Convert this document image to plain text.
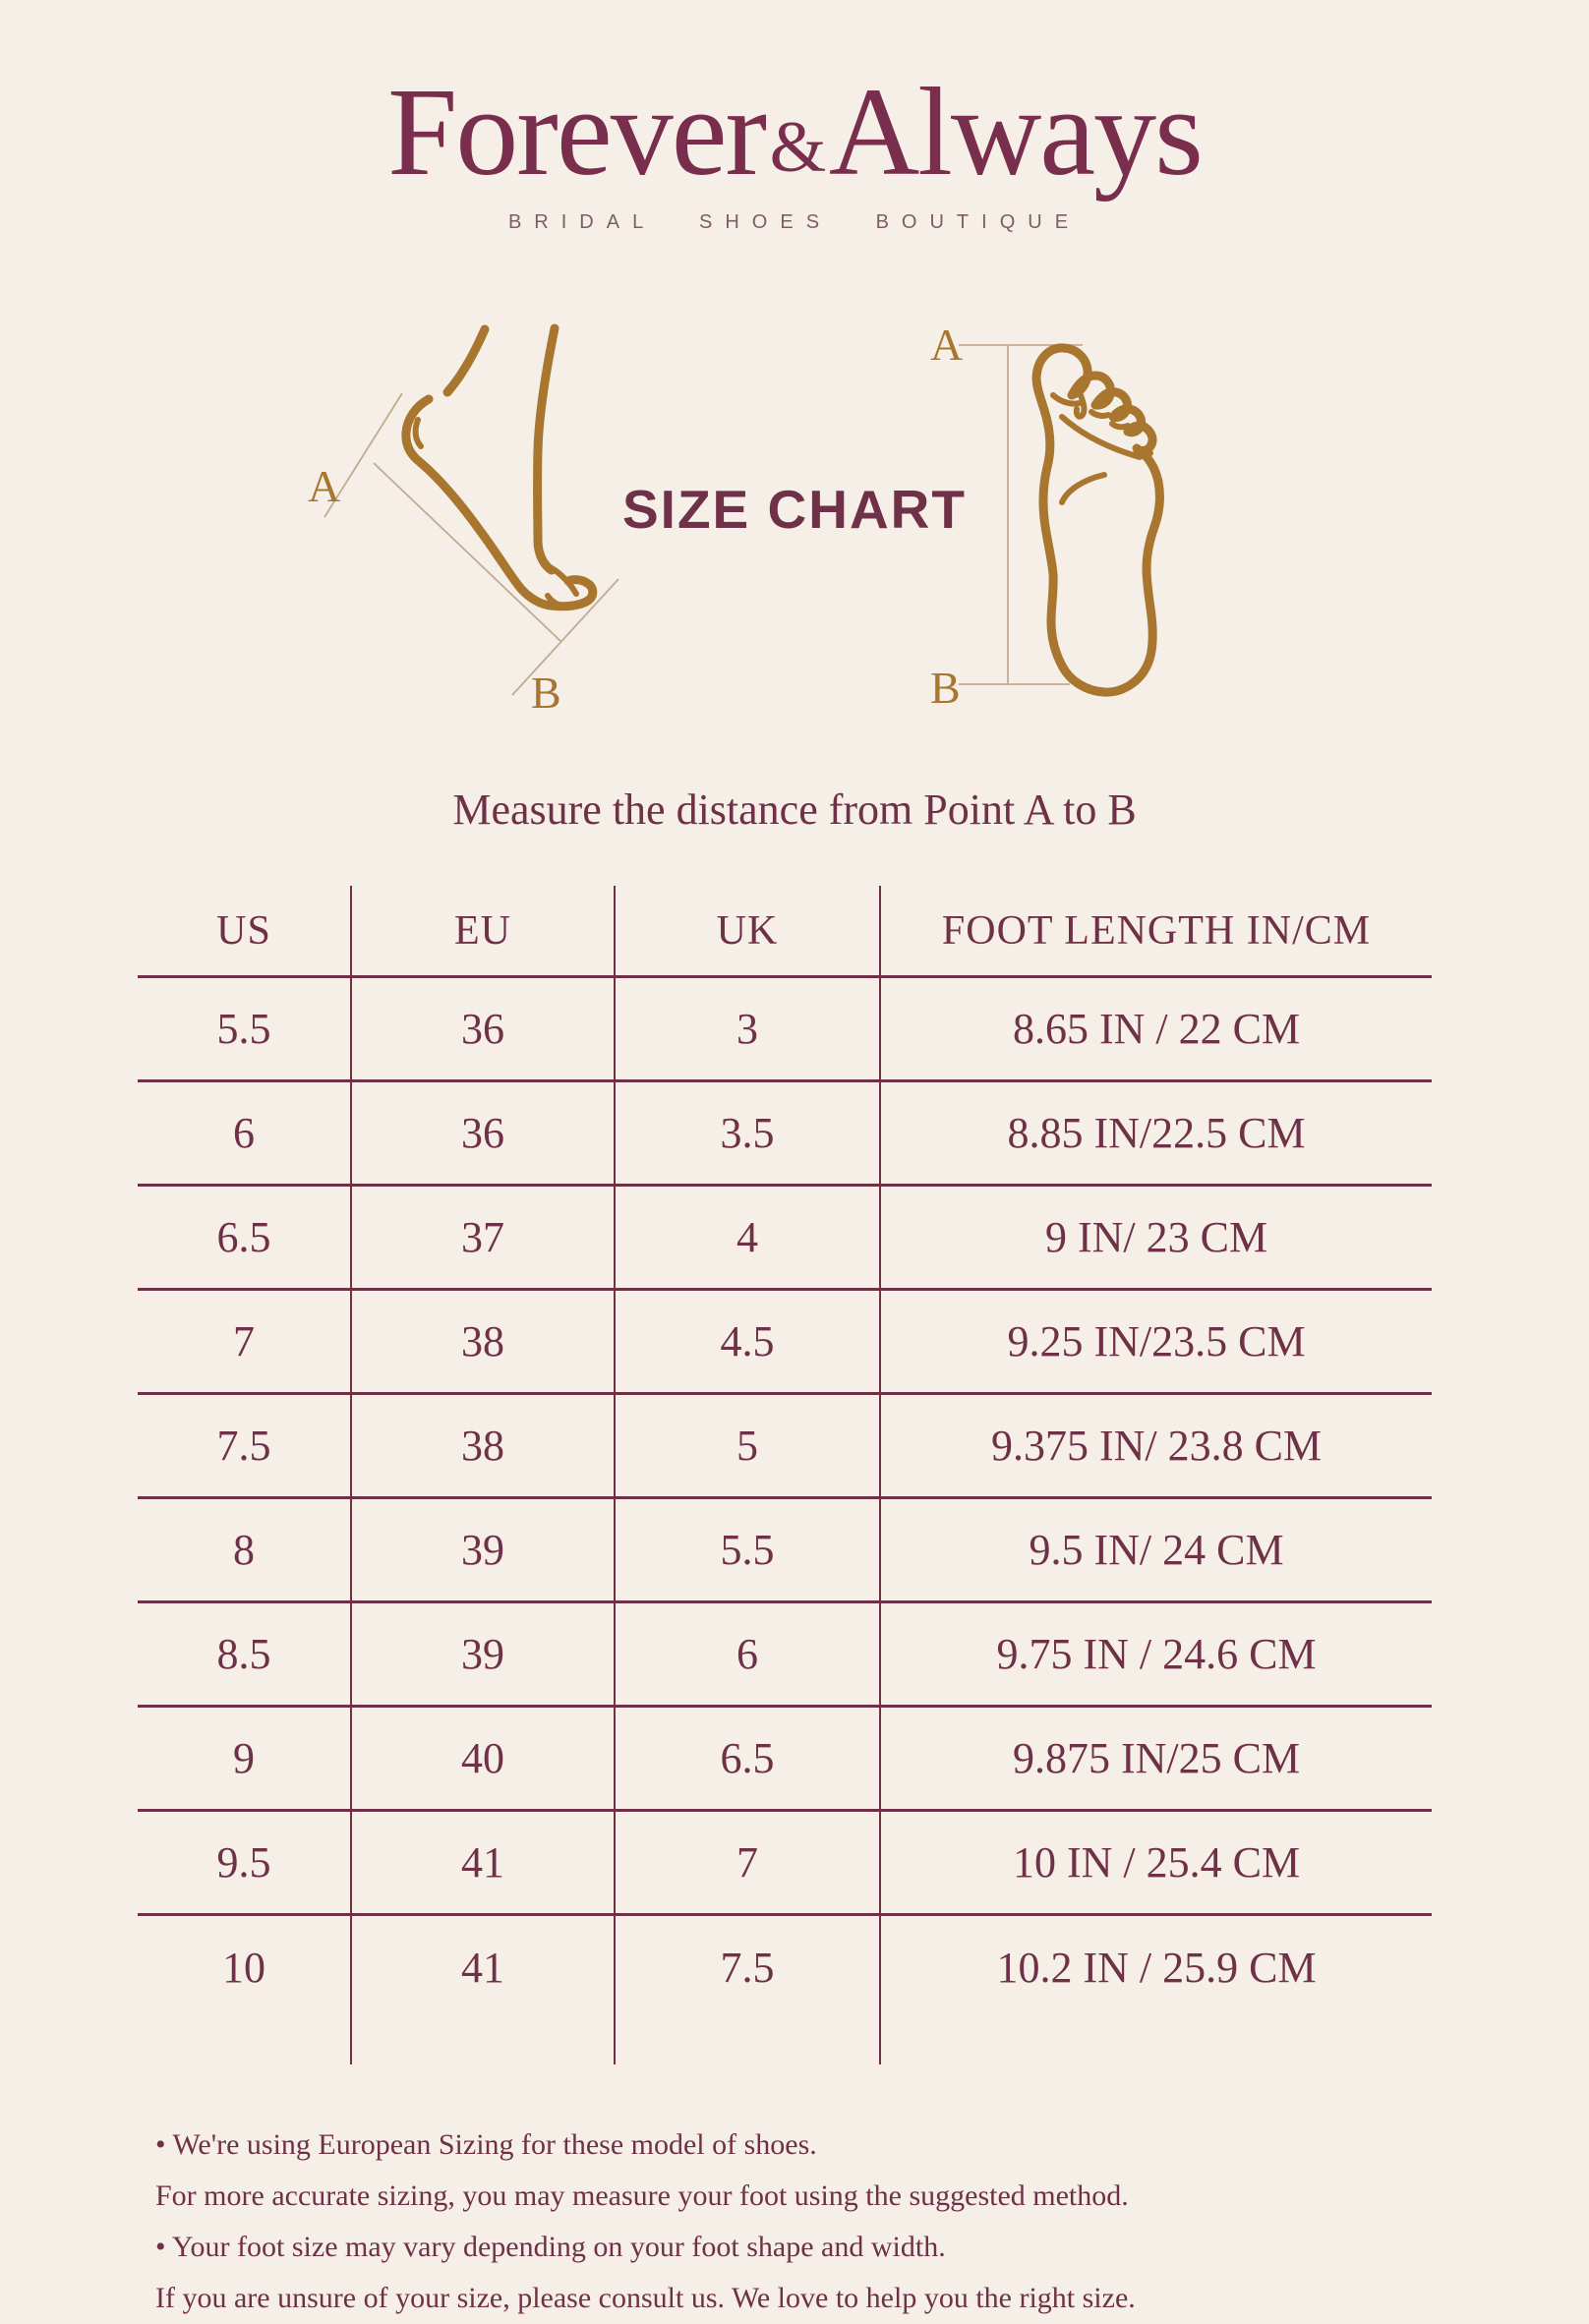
Forever&Always
BRIDAL SHOES BOUTIQUE
A
B
SIZE CHART
A
B

Measure the distance from Point A to B

US	EU	UK	FOOT LENGTH IN/CM
5.5	36	3	8.65 IN / 22 CM
6	36	3.5	8.85 IN/22.5 CM
6.5	37	4	9 IN/ 23 CM
7	38	4.5	9.25 IN/23.5 CM
7.5	38	5	9.375 IN/ 23.8 CM
8	39	5.5	9.5 IN/ 24 CM
8.5	39	6	9.75 IN / 24.6 CM
9	40	6.5	9.875 IN/25 CM
9.5	41	7	10 IN / 25.4 CM
10	41	7.5	10.2 IN / 25.9 CM

• We're using European Sizing for these model of shoes.

For more accurate sizing, you may measure your foot using the suggested method.

• Your foot size may vary depending on your foot shape and width.

If you are unsure of your size, please consult us. We love to help you the right size.
